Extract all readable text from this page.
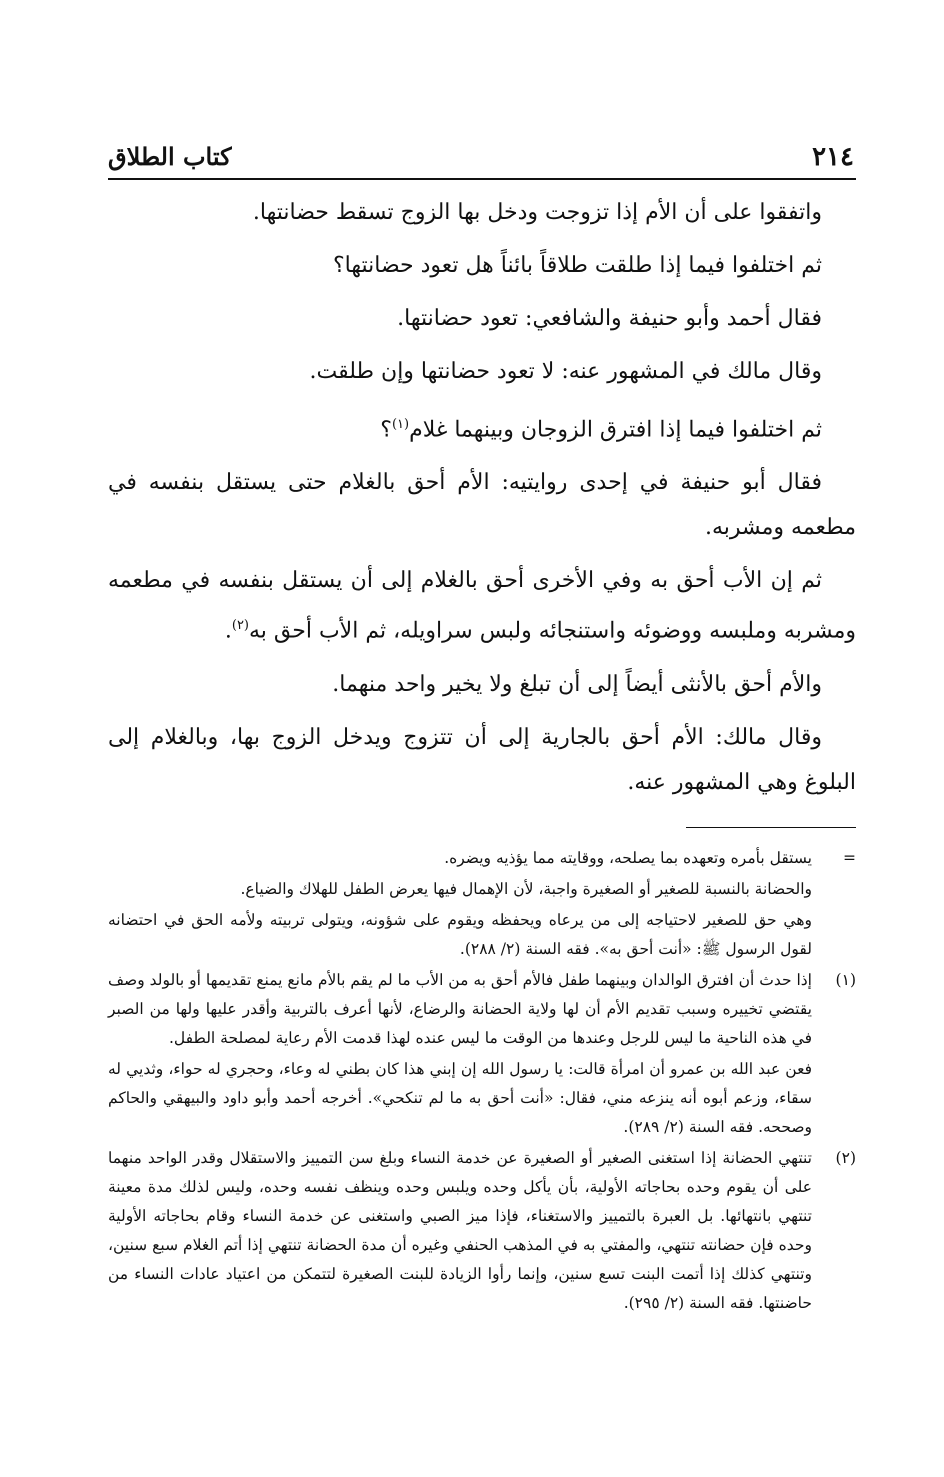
٢١٤
كتاب الطلاق

واتفقوا على أن الأم إذا تزوجت ودخل بها الزوج تسقط حضانتها.

ثم اختلفوا فيما إذا طلقت طلاقاً بائناً هل تعود حضانتها؟

فقال أحمد وأبو حنيفة والشافعي: تعود حضانتها.

وقال مالك في المشهور عنه: لا تعود حضانتها وإن طلقت.

ثم اختلفوا فيما إذا افترق الزوجان وبينهما غلام$^{(١)}$؟

فقال أبو حنيفة في إحدى روايتيه: الأم أحق بالغلام حتى يستقل بنفسه في مطعمه ومشربه.

ثم إن الأب أحق به وفي الأخرى أحق بالغلام إلى أن يستقل بنفسه في مطعمه ومشربه وملبسه ووضوئه واستنجائه ولبس سراويله، ثم الأب أحق به$^{(٢)}$.

والأم أحق بالأنثى أيضاً إلى أن تبلغ ولا يخير واحد منهما.

وقال مالك: الأم أحق بالجارية إلى أن تتزوج ويدخل الزوج بها، وبالغلام إلى البلوغ وهي المشهور عنه.

=

يستقل بأمره وتعهده بما يصلحه، ووقايته مما يؤذيه ويضره.

والحضانة بالنسبة للصغير أو الصغيرة واجبة، لأن الإهمال فيها يعرض الطفل للهلاك والضياع.

وهي حق للصغير لاحتياجه إلى من يرعاه ويحفظه ويقوم على شؤونه، ويتولى تربيته ولأمه الحق في احتضانه لقول الرسول ﷺ: «أنت أحق به». فقه السنة (٢/ ٢٨٨).

(١)

إذا حدث أن افترق الوالدان وبينهما طفل فالأم أحق به من الأب ما لم يقم بالأم مانع يمنع تقديمها أو بالولد وصف يقتضي تخييره وسبب تقديم الأم أن لها ولاية الحضانة والرضاع، لأنها أعرف بالتربية وأقدر عليها ولها من الصبر في هذه الناحية ما ليس للرجل وعندها من الوقت ما ليس عنده لهذا قدمت الأم رعاية لمصلحة الطفل.

فعن عبد الله بن عمرو أن امرأة قالت: يا رسول الله إن إبني هذا كان بطني له وعاء، وحجري له حواء، وثديي له سقاء، وزعم أبوه أنه ينزعه مني، فقال: «أنت أحق به ما لم تنكحي». أخرجه أحمد وأبو داود والبيهقي والحاكم وصححه. فقه السنة (٢/ ٢٨٩).

(٢)

تنتهي الحضانة إذا استغنى الصغير أو الصغيرة عن خدمة النساء وبلغ سن التمييز والاستقلال وقدر الواحد منهما على أن يقوم وحده بحاجاته الأولية، بأن يأكل وحده ويلبس وحده وينظف نفسه وحده، وليس لذلك مدة معينة تنتهي بانتهائها. بل العبرة بالتمييز والاستغناء، فإذا ميز الصبي واستغنى عن خدمة النساء وقام بحاجاته الأولية وحده فإن حضانته تنتهي، والمفتي به في المذهب الحنفي وغيره أن مدة الحضانة تنتهي إذا أتم الغلام سبع سنين، وتنتهي كذلك إذا أتمت البنت تسع سنين، وإنما رأوا الزيادة للبنت الصغيرة لتتمكن من اعتياد عادات النساء من حاضنتها. فقه السنة (٢/ ٢٩٥).
